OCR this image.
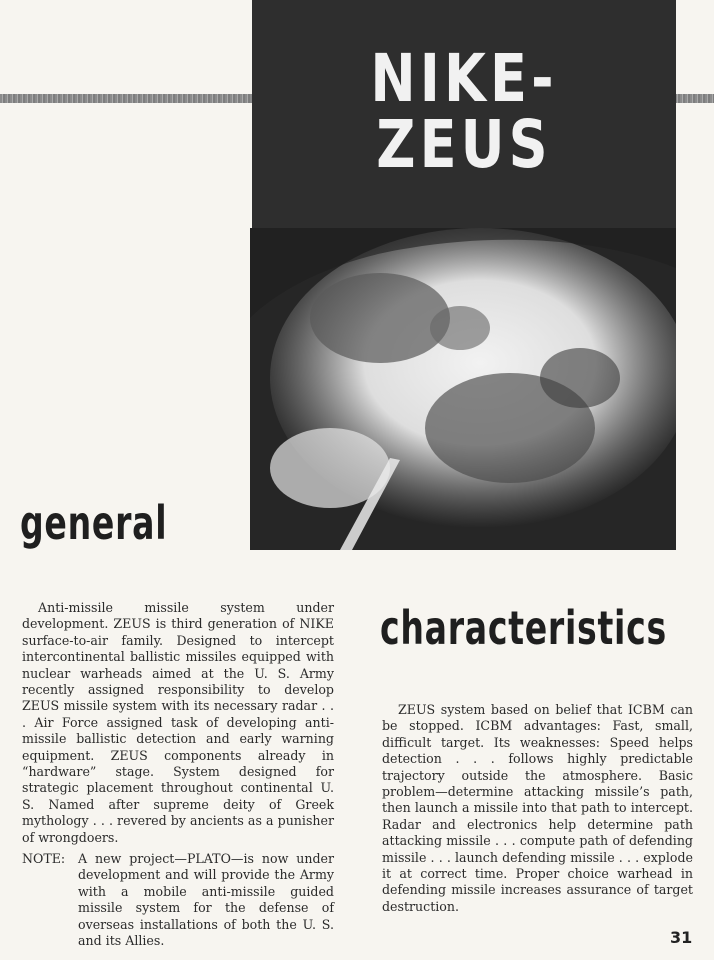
NIKE-ZEUS
general
Anti-missile missile system under development. ZEUS is third generation of NIKE surface-to-air family. Designed to intercept intercontinental ballistic missiles equipped with nuclear warheads aimed at the U. S. Army recently assigned responsibility to develop ZEUS missile system with its necessary radar . . . Air Force assigned task of developing anti-missile ballistic detection and early warning equipment. ZEUS components already in “hardware” stage. System designed for strategic placement throughout continental U. S. Named after supreme deity of Greek mythology . . . revered by ancients as a punisher of wrongdoers.
NOTE:	A new project—PLATO—is now under development and will provide the Army with a mobile anti-missile guided missile system for the defense of overseas installations of both the U. S. and its Allies.
characteristics
ZEUS system based on belief that ICBM can be stopped. ICBM advantages: Fast, small, difficult target. Its weaknesses: Speed helps detection . . . follows highly predictable trajectory outside the atmosphere. Basic problem—determine attacking missile’s path, then launch a missile into that path to intercept. Radar and electronics help determine path attacking missile . . . compute path of defending missile . . . launch defending missile . . . explode it at correct time. Proper choice warhead in defending missile increases assurance of target destruction.
31
